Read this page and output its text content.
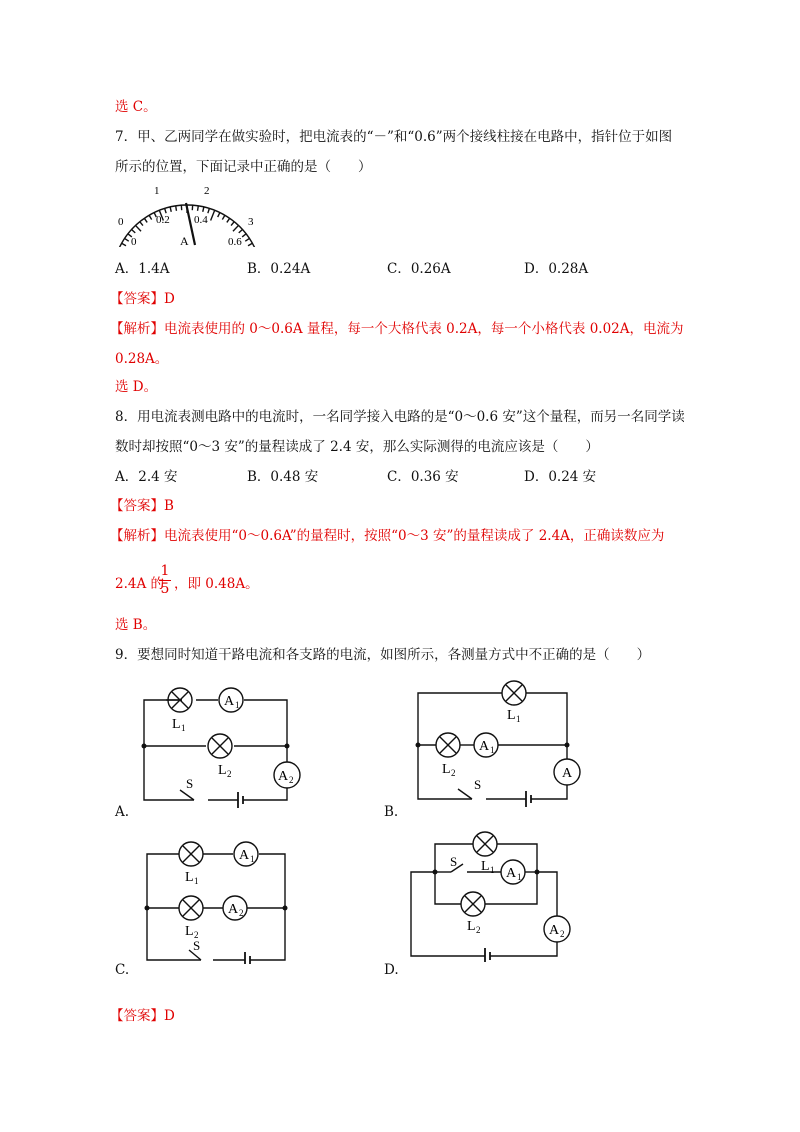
选 C。
7．甲、乙两同学在做实验时，把电流表的“－”和“0.6”两个接线柱接在电路中，指针位于如图
所示的位置，下面记录中正确的是（　　）
0
1	2
3
0
0.2 0.4
0.6
A
A．1.4A	B．0.24A	C．0.26A	D．0.28A
【答案】D
【解析】电流表使用的 0～0.6A 量程，每一个大格代表 0.2A，每一个小格代表 0.02A，电流为
0.28A。
选 D。
8．用电流表测电路中的电流时，一名同学接入电路的是“0～0.6 安”这个量程，而另一名同学读
数时却按照“0～3 安”的量程读成了 2.4 安，那么实际测得的电流应该是（　　）
A．2.4 安	B．0.48 安	C．0.36 安	D．0.24 安
【答案】B
【解析】电流表使用“0～0.6A”的量程时，按照“0～3 安”的量程读成了 2.4A，正确读数应为
2.4A 的
1
5 ，即 0.48A。
选 B。
9．要想同时知道干路电流和各支路的电流，如图所示，各测量方式中不正确的是（　　）
A 1
A 2
L 1
L 2
S
A.
L 1
L 2
A 1
A
S
B.
A 1
A 2
L 1
L 2
S
C.
S L 1 A 1
L 2	A 2
D.
【答案】D
